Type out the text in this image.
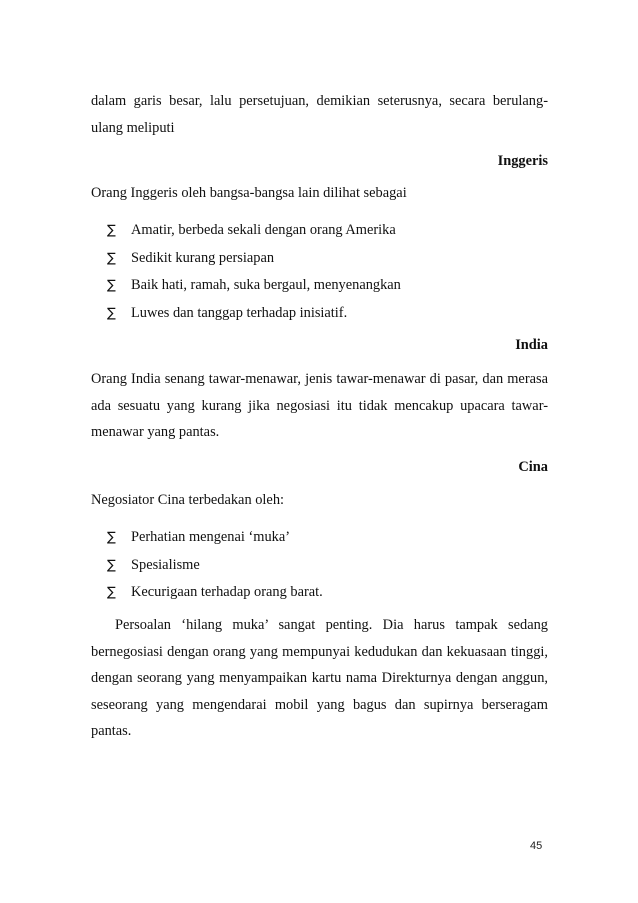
dalam garis besar, lalu persetujuan, demikian seterusnya, secara berulang-ulang meliputi

Inggeris

Orang Inggeris oleh bangsa-bangsa lain dilihat sebagai

∑	Amatir, berbeda sekali dengan orang Amerika
∑	Sedikit kurang persiapan
∑	Baik hati, ramah, suka bergaul, menyenangkan
∑	Luwes dan tanggap terhadap inisiatif.

India

Orang India senang tawar-menawar, jenis tawar-menawar di pasar, dan merasa ada sesuatu yang kurang jika negosiasi itu tidak mencakup upacara tawar-menawar yang pantas.

Cina

Negosiator Cina terbedakan oleh:

∑	Perhatian mengenai ‘muka’
∑	Spesialisme
∑	Kecurigaan terhadap orang barat.

Persoalan ‘hilang muka’ sangat penting. Dia harus tampak sedang bernegosiasi dengan orang yang mempunyai kedudukan dan kekuasaan tinggi, dengan seorang yang menyampaikan kartu nama Direkturnya dengan anggun, seseorang yang mengendarai mobil yang bagus dan supirnya berseragam pantas.

45
